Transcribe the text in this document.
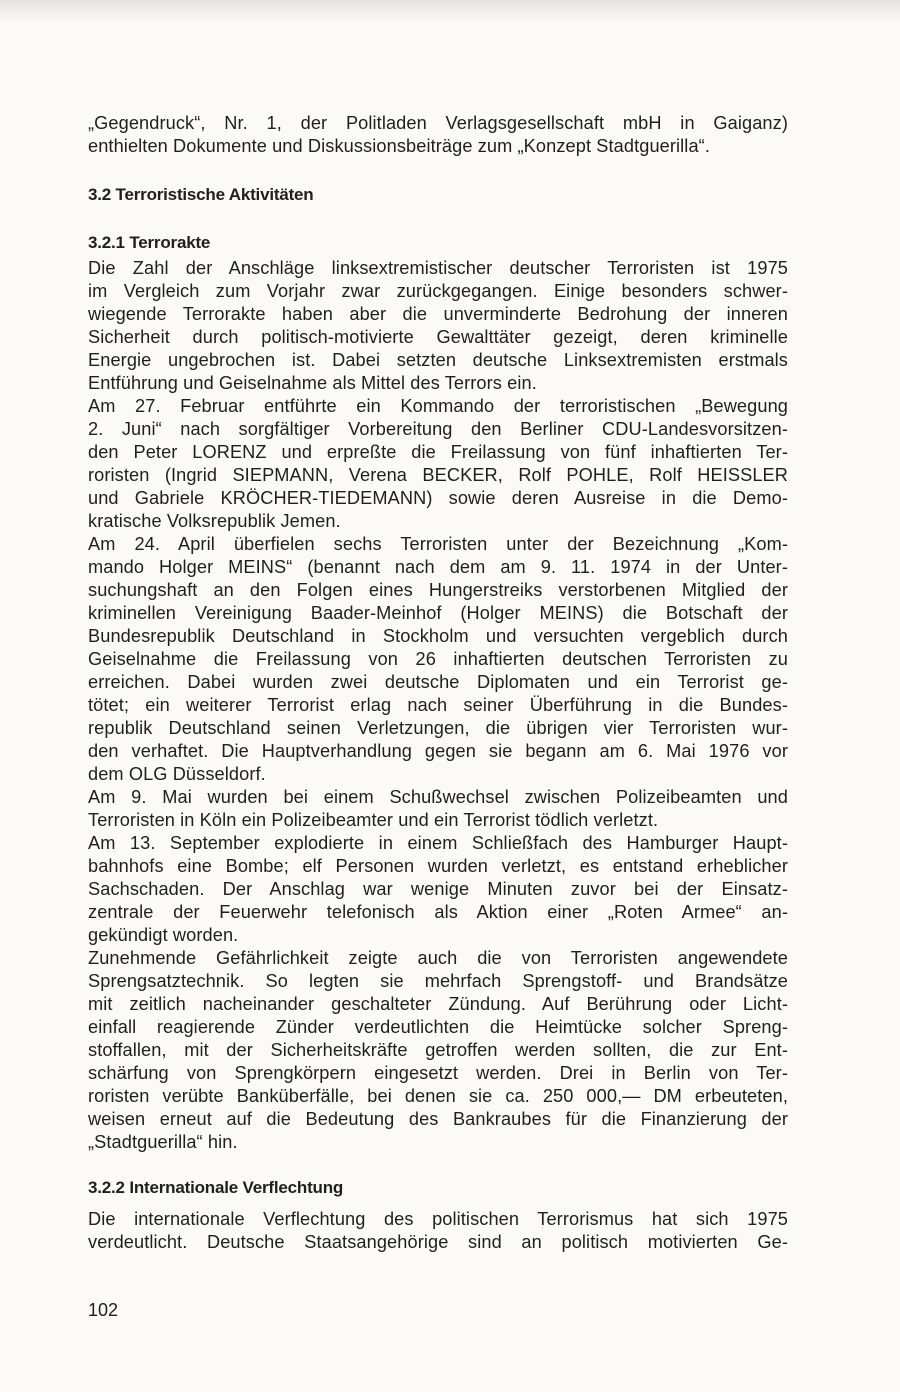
„Gegendruck“, Nr. 1, der Politladen Verlagsgesellschaft mbH in Gaiganz)
enthielten Dokumente und Diskussionsbeiträge zum „Konzept Stadtguerilla“.
3.2 Terroristische Aktivitäten
3.2.1 Terrorakte
Die Zahl der Anschläge linksextremistischer deutscher Terroristen ist 1975
im Vergleich zum Vorjahr zwar zurückgegangen. Einige besonders schwer-
wiegende Terrorakte haben aber die unverminderte Bedrohung der inneren
Sicherheit durch politisch-motivierte Gewalttäter gezeigt, deren kriminelle
Energie ungebrochen ist. Dabei setzten deutsche Linksextremisten erstmals
Entführung und Geiselnahme als Mittel des Terrors ein.
Am 27. Februar entführte ein Kommando der terroristischen „Bewegung
2. Juni“ nach sorgfältiger Vorbereitung den Berliner CDU-Landesvorsitzen-
den Peter LORENZ und erpreßte die Freilassung von fünf inhaftierten Ter-
roristen (Ingrid SIEPMANN, Verena BECKER, Rolf POHLE, Rolf HEISSLER
und Gabriele KRÖCHER-TIEDEMANN) sowie deren Ausreise in die Demo-
kratische Volksrepublik Jemen.
Am 24. April überfielen sechs Terroristen unter der Bezeichnung „Kom-
mando Holger MEINS“ (benannt nach dem am 9. 11. 1974 in der Unter-
suchungshaft an den Folgen eines Hungerstreiks verstorbenen Mitglied der
kriminellen Vereinigung Baader-Meinhof (Holger MEINS) die Botschaft der
Bundesrepublik Deutschland in Stockholm und versuchten vergeblich durch
Geiselnahme die Freilassung von 26 inhaftierten deutschen Terroristen zu
erreichen. Dabei wurden zwei deutsche Diplomaten und ein Terrorist ge-
tötet; ein weiterer Terrorist erlag nach seiner Überführung in die Bundes-
republik Deutschland seinen Verletzungen, die übrigen vier Terroristen wur-
den verhaftet. Die Hauptverhandlung gegen sie begann am 6. Mai 1976 vor
dem OLG Düsseldorf.
Am 9. Mai wurden bei einem Schußwechsel zwischen Polizeibeamten und
Terroristen in Köln ein Polizeibeamter und ein Terrorist tödlich verletzt.
Am 13. September explodierte in einem Schließfach des Hamburger Haupt-
bahnhofs eine Bombe; elf Personen wurden verletzt, es entstand erheblicher
Sachschaden. Der Anschlag war wenige Minuten zuvor bei der Einsatz-
zentrale der Feuerwehr telefonisch als Aktion einer „Roten Armee“ an-
gekündigt worden.
Zunehmende Gefährlichkeit zeigte auch die von Terroristen angewendete
Sprengsatztechnik. So legten sie mehrfach Sprengstoff- und Brandsätze
mit zeitlich nacheinander geschalteter Zündung. Auf Berührung oder Licht-
einfall reagierende Zünder verdeutlichten die Heimtücke solcher Spreng-
stoffallen, mit der Sicherheitskräfte getroffen werden sollten, die zur Ent-
schärfung von Sprengkörpern eingesetzt werden. Drei in Berlin von Ter-
roristen verübte Banküberfälle, bei denen sie ca. 250 000,— DM erbeuteten,
weisen erneut auf die Bedeutung des Bankraubes für die Finanzierung der
„Stadtguerilla“ hin.
3.2.2 Internationale Verflechtung
Die internationale Verflechtung des politischen Terrorismus hat sich 1975
verdeutlicht. Deutsche Staatsangehörige sind an politisch motivierten Ge-
102
